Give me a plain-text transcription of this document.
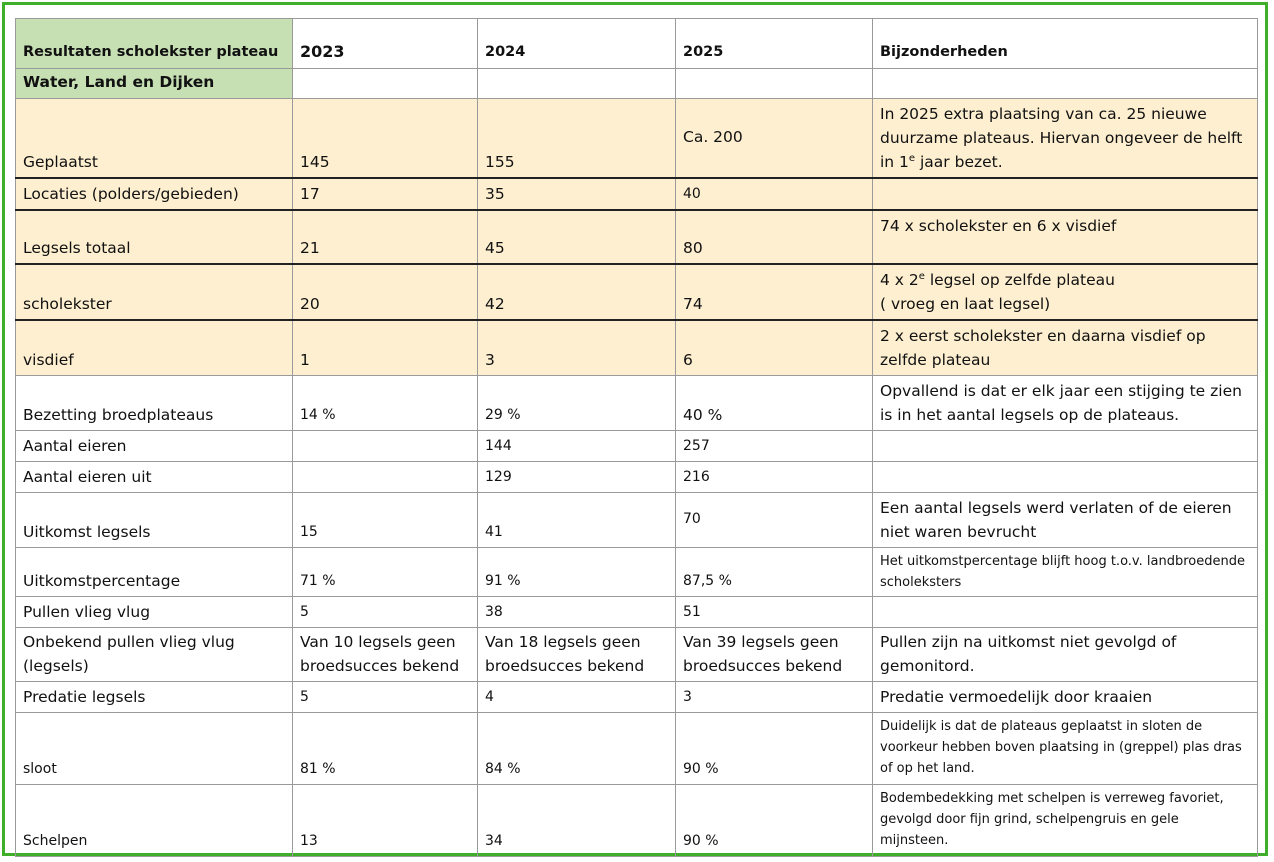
Resultaten scholekster plateau	2023	2024	2025	Bijzonderheden
Water, Land en Dijken				
Geplaatst	145	155	Ca. 200	In 2025 extra plaatsing van ca. 25 nieuwe duurzame plateaus. Hiervan ongeveer de helft in 1e jaar bezet.
Locaties (polders/gebieden)	17	35	40	
Legsels totaal	21	45	80	74 x scholekster en 6 x visdief
scholekster	20	42	74	4 x 2e legsel op zelfde plateau
( vroeg en laat legsel)
visdief	1	3	6	2 x eerst scholekster en daarna visdief op zelfde plateau
Bezetting broedplateaus	14 %	29 %	40 %	Opvallend is dat er elk jaar een stijging te zien is in het aantal legsels op de plateaus.
Aantal eieren		144	257	
Aantal eieren uit		129	216	
Uitkomst legsels	15	41	70	Een aantal legsels werd verlaten of de eieren niet waren bevrucht
Uitkomstpercentage	71 %	91 %	87,5 %	Het uitkomstpercentage blijft hoog t.o.v. landbroedende scholeksters
Pullen vlieg vlug	5	38	51	
Onbekend pullen vlieg vlug (legsels)	Van 10 legsels geen broedsucces bekend	Van 18 legsels geen broedsucces bekend	Van 39 legsels geen broedsucces bekend	Pullen zijn na uitkomst niet gevolgd of gemonitord.
Predatie legsels	5	4	3	Predatie vermoedelijk door kraaien
sloot	81 %	84 %	90 %	Duidelijk is dat de plateaus geplaatst in sloten de voorkeur hebben boven plaatsing in (greppel) plas dras of op het land.
Schelpen	13	34	90 %	Bodembedekking met schelpen is verreweg favoriet, gevolgd door fijn grind, schelpengruis en gele mijnsteen.
